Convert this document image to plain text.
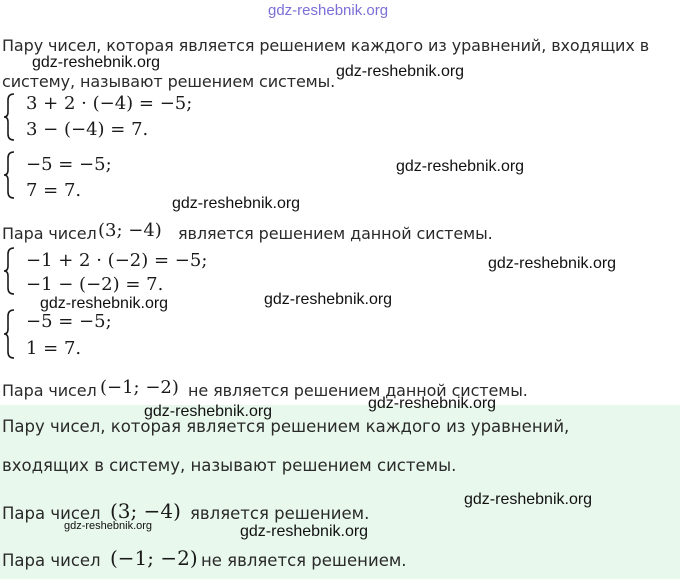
gdz-reshebnik.org
Пару чисел, которая является решением каждого из уравнений, входящих в
систему, называют решением системы.
3 + 2 · (−4) = −5;
3 − (−4) = 7.
−5 = −5;
7 = 7.
Пара чисел (3; −4) является решением данной системы.
−1 + 2 · (−2) = −5;
−1 − (−2) = 7.
−5 = −5;
1 = 7.
Пара чисел (−1; −2) не является решением данной системы.
Пару чисел, которая является решением каждого из уравнений,
входящих в систему, называют решением системы.
Пара чисел (3; −4) является решением.
Пара чисел (−1; −2) не является решением.
gdz-reshebnik.org
gdz-reshebnik.org
gdz-reshebnik.org
gdz-reshebnik.org
gdz-reshebnik.org
gdz-reshebnik.org
gdz-reshebnik.org
gdz-reshebnik.org
gdz-reshebnik.org
gdz-reshebnik.org
gdz-reshebnik.org	gdz-reshebnik.org
